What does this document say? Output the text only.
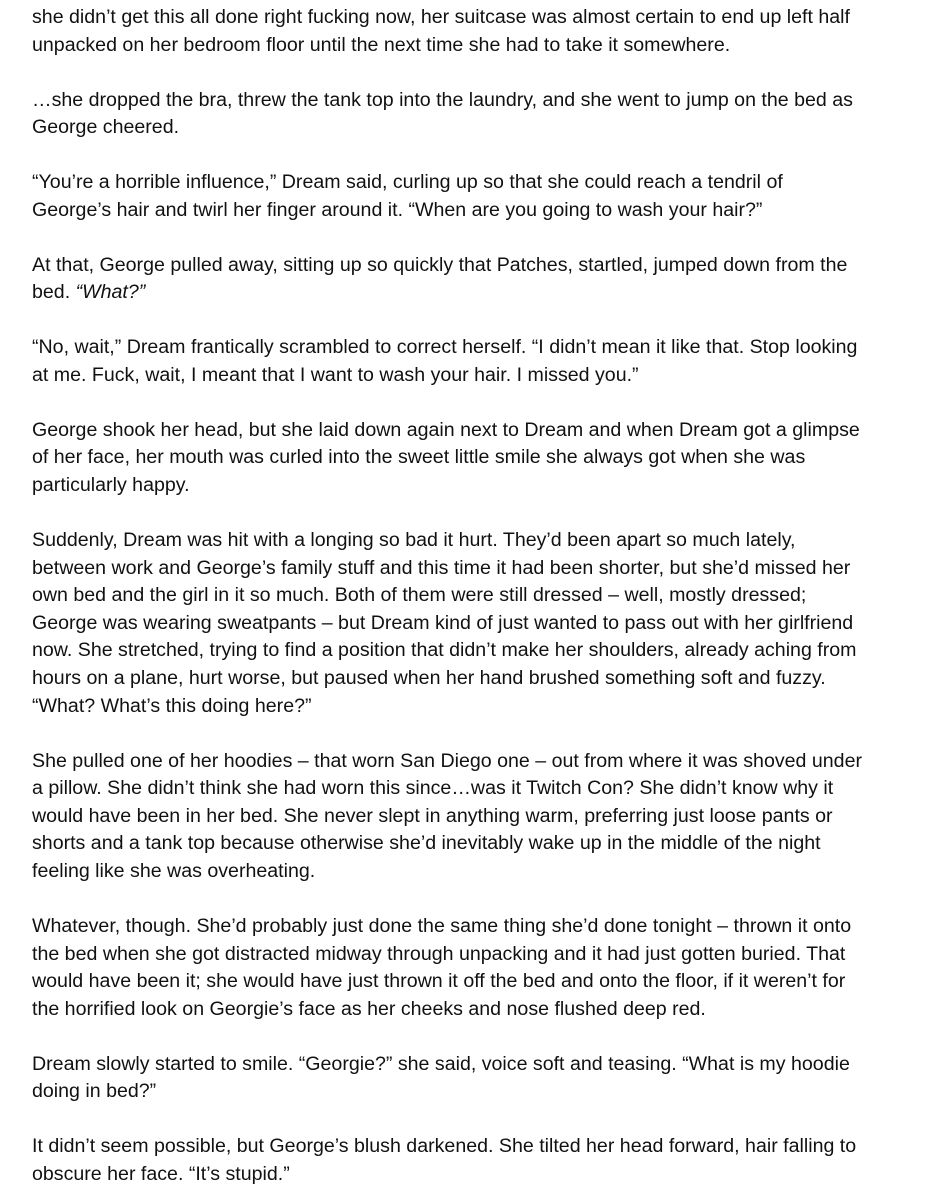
she didn’t get this all done right fucking now, her suitcase was almost certain to end up left half
unpacked on her bedroom floor until the next time she had to take it somewhere.

…she dropped the bra, threw the tank top into the laundry, and she went to jump on the bed as
George cheered.

“You’re a horrible influence,” Dream said, curling up so that she could reach a tendril of
George’s hair and twirl her finger around it. “When are you going to wash your hair?”

At that, George pulled away, sitting up so quickly that Patches, startled, jumped down from the
bed. “What?”

“No, wait,” Dream frantically scrambled to correct herself. “I didn’t mean it like that. Stop looking
at me. Fuck, wait, I meant that I want to wash your hair. I missed you.”

George shook her head, but she laid down again next to Dream and when Dream got a glimpse
of her face, her mouth was curled into the sweet little smile she always got when she was
particularly happy.

Suddenly, Dream was hit with a longing so bad it hurt. They’d been apart so much lately,
between work and George’s family stuff and this time it had been shorter, but she’d missed her
own bed and the girl in it so much. Both of them were still dressed – well, mostly dressed;
George was wearing sweatpants – but Dream kind of just wanted to pass out with her girlfriend
now. She stretched, trying to find a position that didn’t make her shoulders, already aching from
hours on a plane, hurt worse, but paused when her hand brushed something soft and fuzzy.
“What? What’s this doing here?”

She pulled one of her hoodies – that worn San Diego one – out from where it was shoved under
a pillow. She didn’t think she had worn this since…was it Twitch Con? She didn’t know why it
would have been in her bed. She never slept in anything warm, preferring just loose pants or
shorts and a tank top because otherwise she’d inevitably wake up in the middle of the night
feeling like she was overheating.

Whatever, though. She’d probably just done the same thing she’d done tonight – thrown it onto
the bed when she got distracted midway through unpacking and it had just gotten buried. That
would have been it; she would have just thrown it off the bed and onto the floor, if it weren’t for
the horrified look on Georgie’s face as her cheeks and nose flushed deep red.

Dream slowly started to smile. “Georgie?” she said, voice soft and teasing. “What is my hoodie
doing in bed?”

It didn’t seem possible, but George’s blush darkened. She tilted her head forward, hair falling to
obscure her face. “It’s stupid.”
